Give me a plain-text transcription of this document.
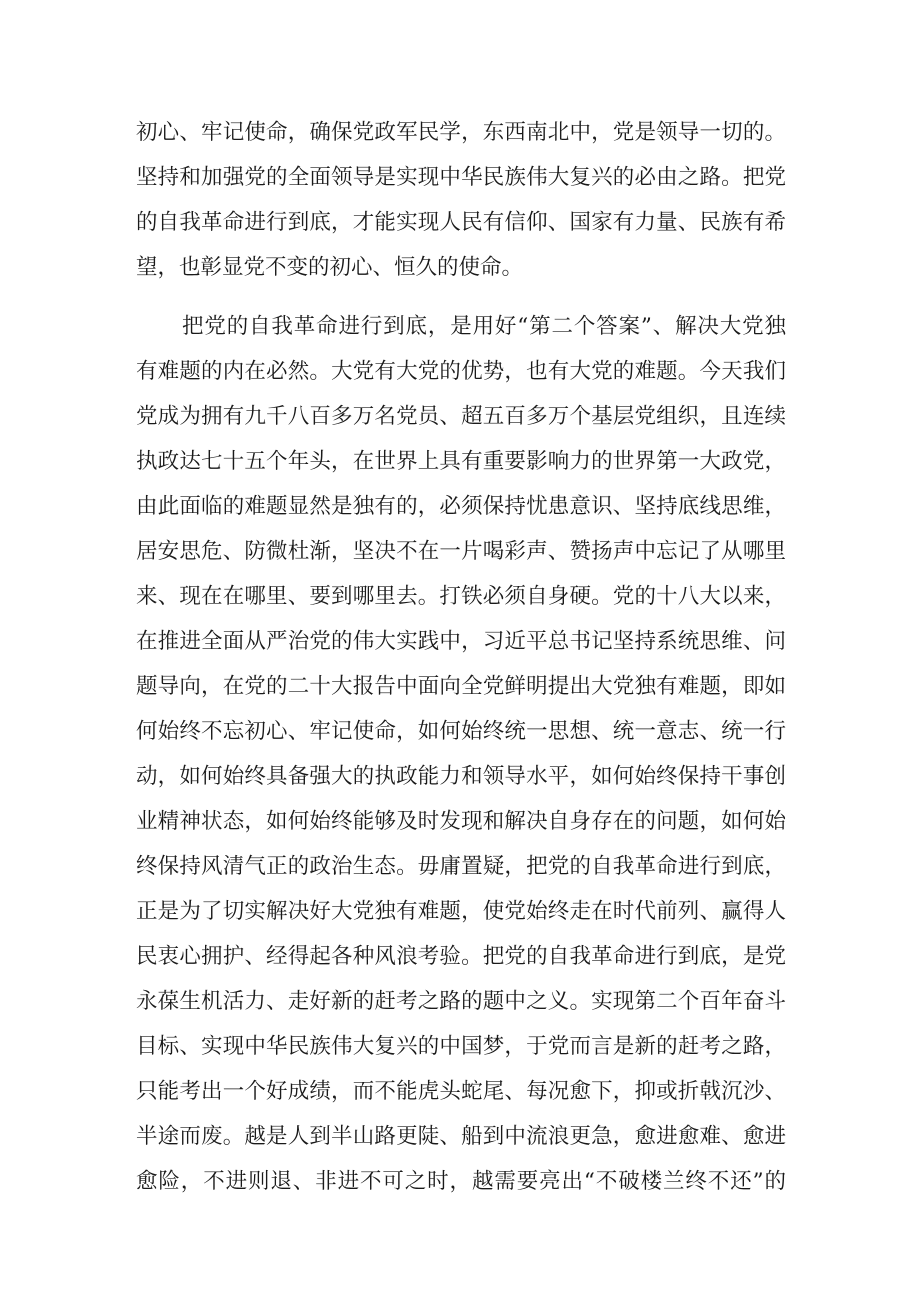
初心、牢记使命，确保党政军民学，东西南北中，党是领导一切的。
坚持和加强党的全面领导是实现中华民族伟大复兴的必由之路。把党
的自我革命进行到底，才能实现人民有信仰、国家有力量、民族有希
望，也彰显党不变的初心、恒久的使命。
把党的自我革命进行到底，是用好“第二个答案”、解决大党独
有难题的内在必然。大党有大党的优势，也有大党的难题。今天我们
党成为拥有九千八百多万名党员、超五百多万个基层党组织，且连续
执政达七十五个年头，在世界上具有重要影响力的世界第一大政党，
由此面临的难题显然是独有的，必须保持忧患意识、坚持底线思维，
居安思危、防微杜渐，坚决不在一片喝彩声、赞扬声中忘记了从哪里
来、现在在哪里、要到哪里去。打铁必须自身硬。党的十八大以来，
在推进全面从严治党的伟大实践中，习近平总书记坚持系统思维、问
题导向，在党的二十大报告中面向全党鲜明提出大党独有难题，即如
何始终不忘初心、牢记使命，如何始终统一思想、统一意志、统一行
动，如何始终具备强大的执政能力和领导水平，如何始终保持干事创
业精神状态，如何始终能够及时发现和解决自身存在的问题，如何始
终保持风清气正的政治生态。毋庸置疑，把党的自我革命进行到底，
正是为了切实解决好大党独有难题，使党始终走在时代前列、赢得人
民衷心拥护、经得起各种风浪考验。把党的自我革命进行到底，是党
永葆生机活力、走好新的赶考之路的题中之义。实现第二个百年奋斗
目标、实现中华民族伟大复兴的中国梦，于党而言是新的赶考之路，
只能考出一个好成绩，而不能虎头蛇尾、每况愈下，抑或折戟沉沙、
半途而废。越是人到半山路更陡、船到中流浪更急，愈进愈难、愈进
愈险，不进则退、非进不可之时，越需要亮出“不破楼兰终不还”的
